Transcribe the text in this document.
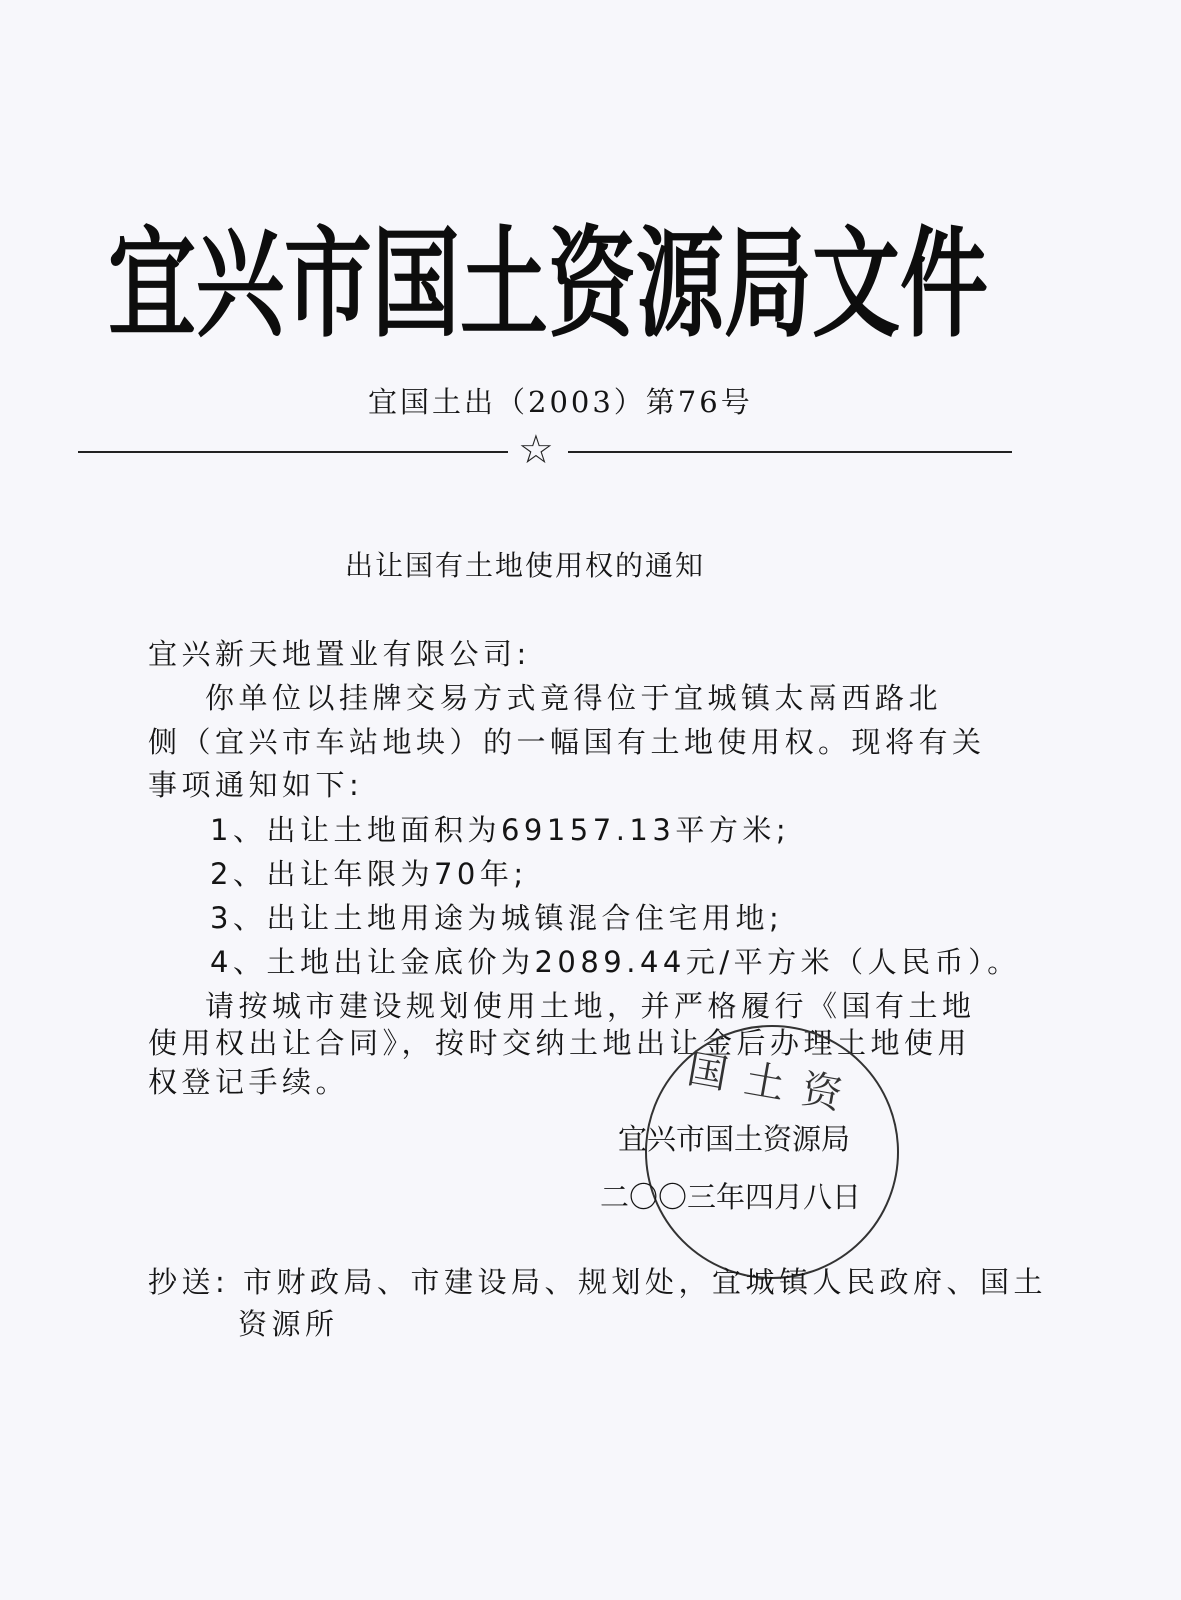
宜兴市国土资源局文件
宜国土出（2003）第76号
☆
出让国有土地使用权的通知
宜兴新天地置业有限公司:
你单位以挂牌交易方式竟得位于宜城镇太鬲西路北
侧（宜兴市车站地块）的一幅国有土地使用权。现将有关
事项通知如下:
1、出让土地面积为69157.13平方米;
2、出让年限为70年;
3、出让土地用途为城镇混合住宅用地;
4、土地出让金底价为2089.44元/平方米（人民币）。
请按城市建设规划使用土地，并严格履行《国有土地
使用权出让合同》，按时交纳土地出让金后办理土地使用
权登记手续。	国土资
宜兴市国土资源局
二〇〇三年四月八日
抄送: 市财政局、市建设局、规划处，宜城镇人民政府、国土
资源所
